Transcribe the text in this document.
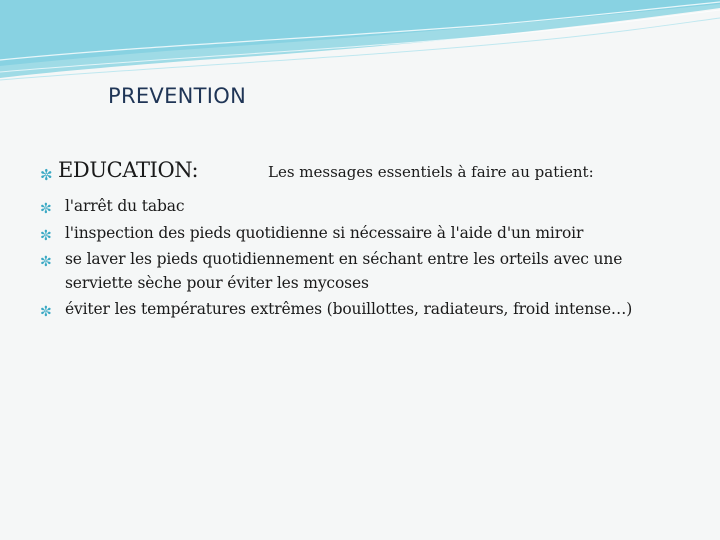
PREVENTION
✼ EDUCATION:	Les messages essentiels à faire au patient:
✼ l'arrêt du tabac
✼ l'inspection des pieds quotidienne si nécessaire à l'aide d'un miroir
✼ se laver les pieds quotidiennement en séchant entre les orteils avec une serviette sèche pour éviter les mycoses
✼ éviter les températures extrêmes (bouillottes, radiateurs, froid intense…)
